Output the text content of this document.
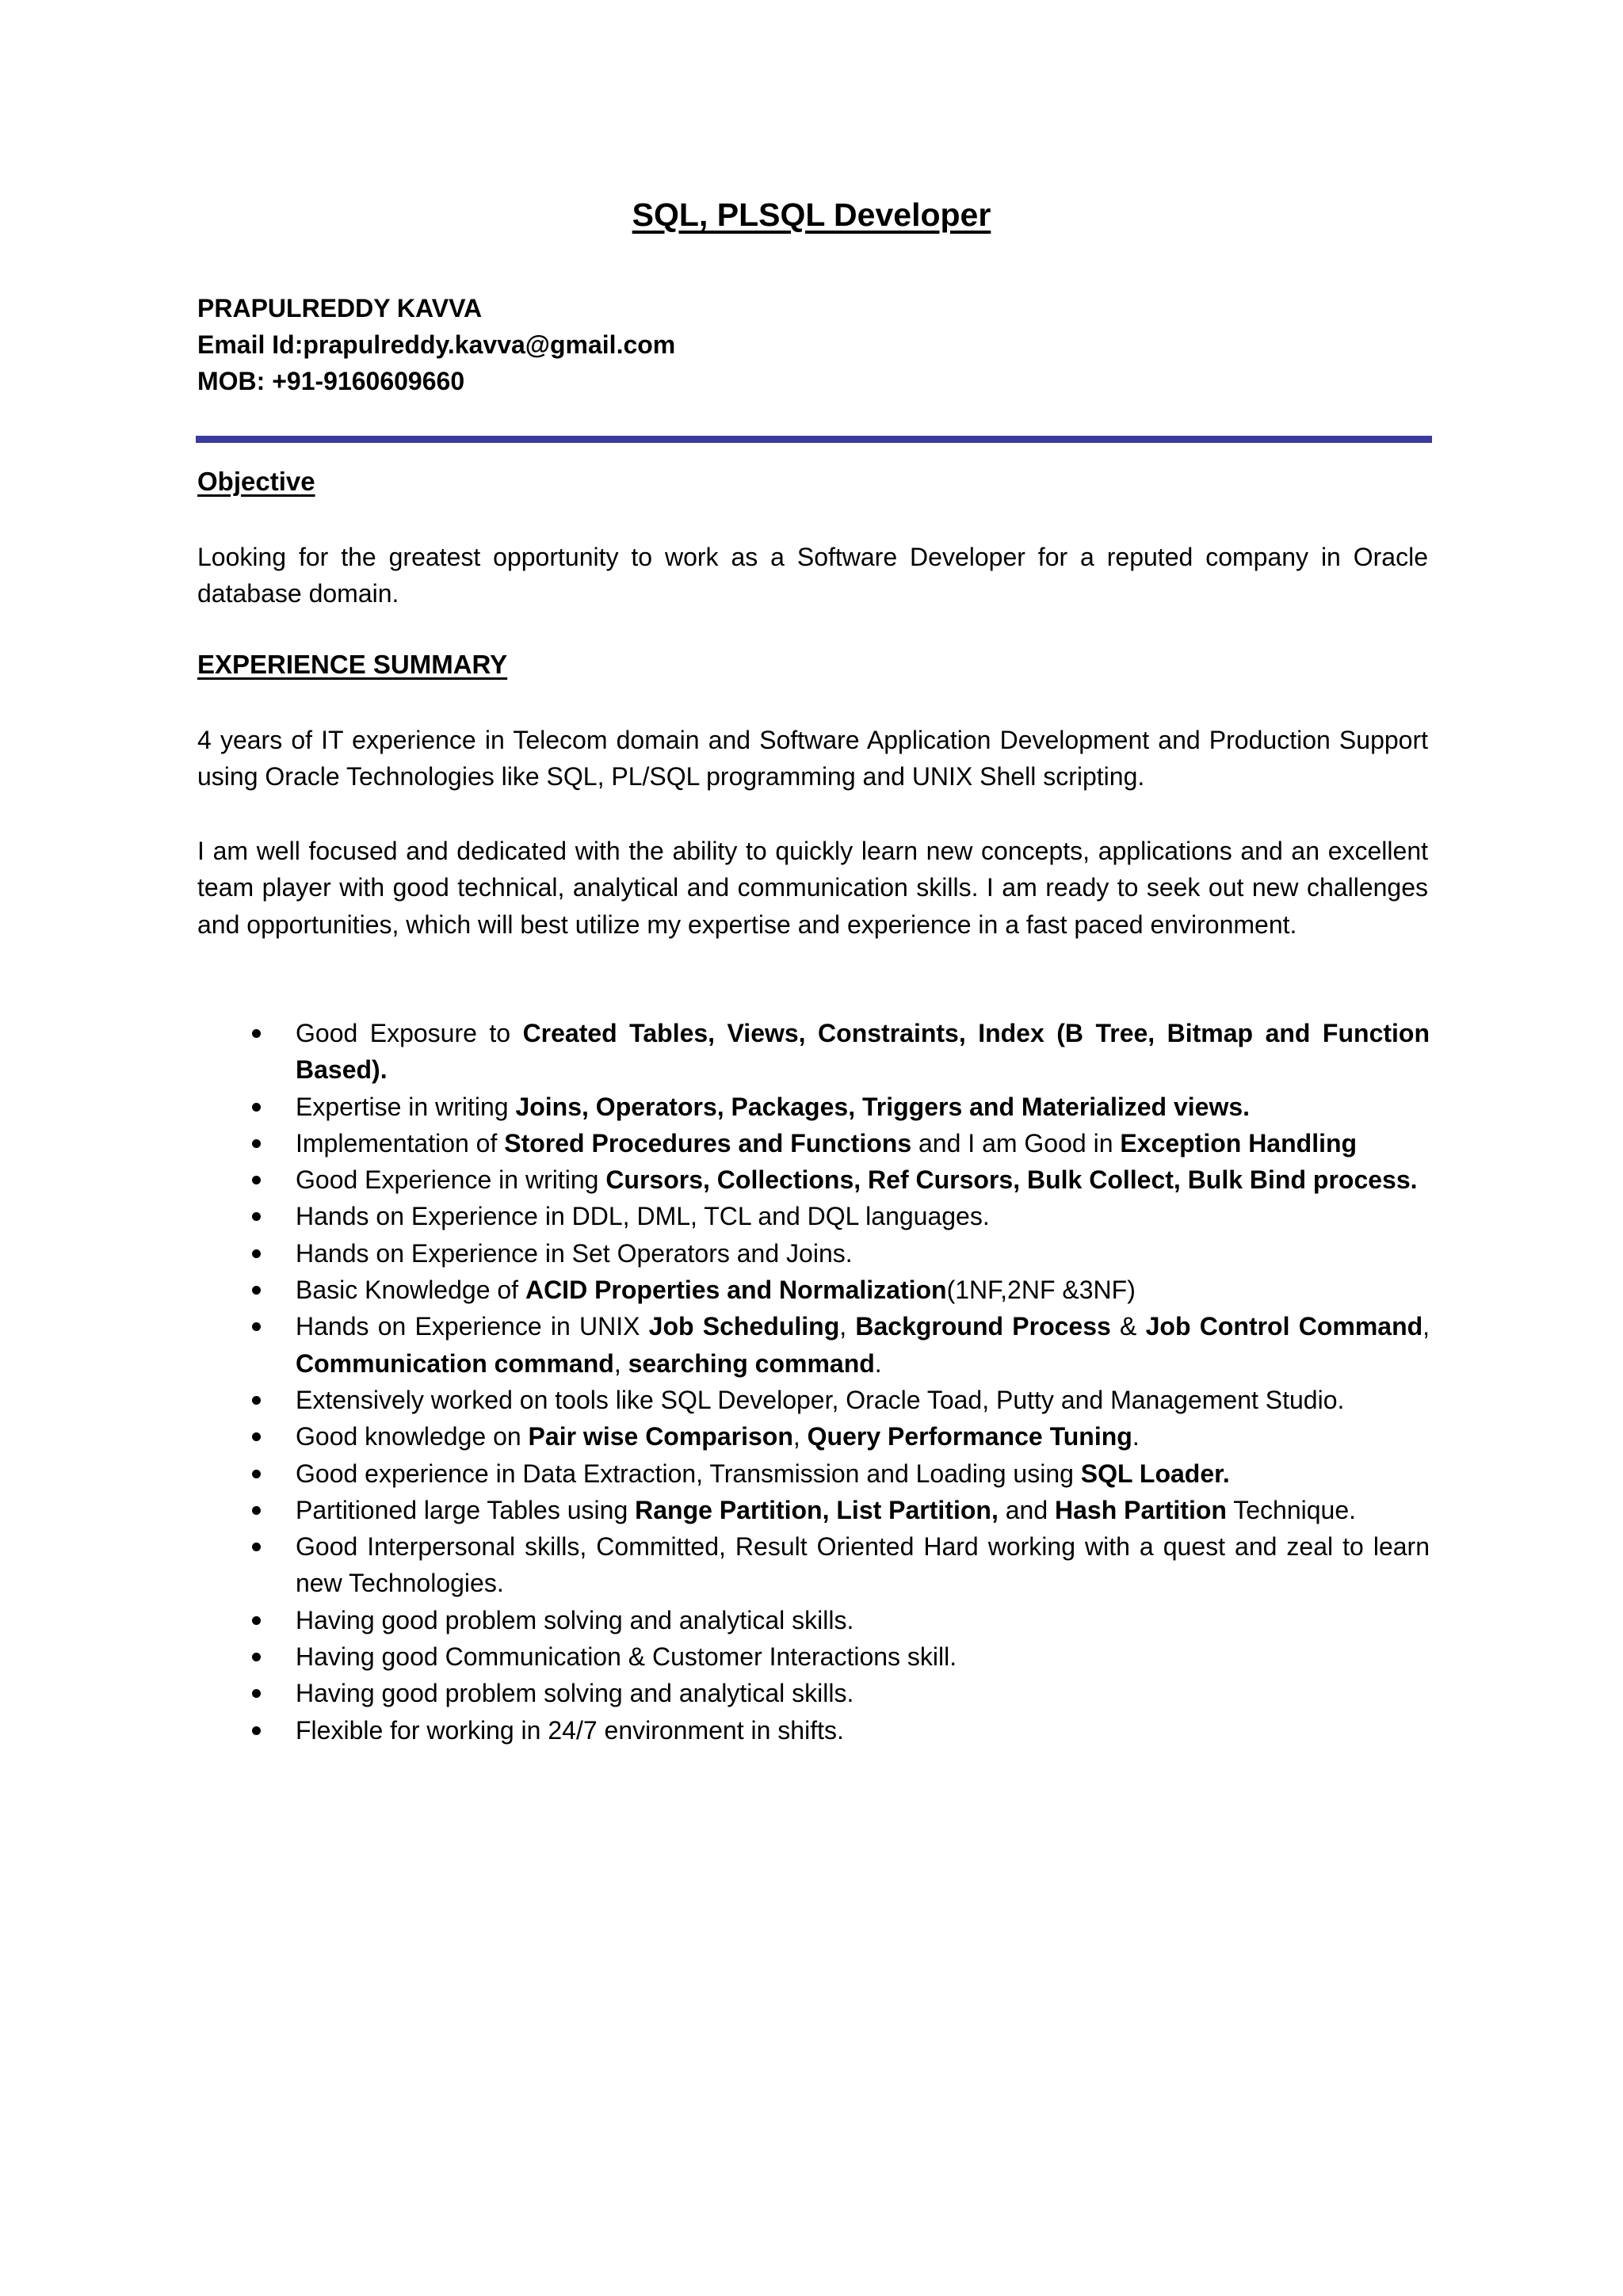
SQL, PLSQL Developer
PRAPULREDDY KAVVA
Email Id:prapulreddy.kavva@gmail.com
MOB: +91-9160609660
Objective
Looking for the greatest opportunity to work as a Software Developer for a reputed company in Oracle database domain.
EXPERIENCE SUMMARY
4 years of IT experience in Telecom domain and Software Application Development and Production Support using Oracle Technologies like SQL, PL/SQL programming and UNIX Shell scripting.
I am well focused and dedicated with the ability to quickly learn new concepts, applications and an excellent team player with good technical, analytical and communication skills. I am ready to seek out new challenges and opportunities, which will best utilize my expertise and experience in a fast paced environment.
Good Exposure to Created Tables, Views, Constraints, Index (B Tree, Bitmap and Function Based).
Expertise in writing Joins, Operators, Packages, Triggers and Materialized views.
Implementation of Stored Procedures and Functions and I am Good in Exception Handling
Good Experience in writing Cursors, Collections, Ref Cursors, Bulk Collect, Bulk Bind process.
Hands on Experience in DDL, DML, TCL and DQL languages.
Hands on Experience in Set Operators and Joins.
Basic Knowledge of ACID Properties and Normalization(1NF,2NF &3NF)
Hands on Experience in UNIX Job Scheduling, Background Process & Job Control Command, Communication command, searching command.
Extensively worked on tools like SQL Developer, Oracle Toad, Putty and Management Studio.
Good knowledge on Pair wise Comparison, Query Performance Tuning.
Good experience in Data Extraction, Transmission and Loading using SQL Loader.
Partitioned large Tables using Range Partition, List Partition, and Hash Partition Technique.
Good Interpersonal skills, Committed, Result Oriented Hard working with a quest and zeal to learn new Technologies.
Having good problem solving and analytical skills.
Having good Communication & Customer Interactions skill.
Having good problem solving and analytical skills.
Flexible for working in 24/7 environment in shifts.
